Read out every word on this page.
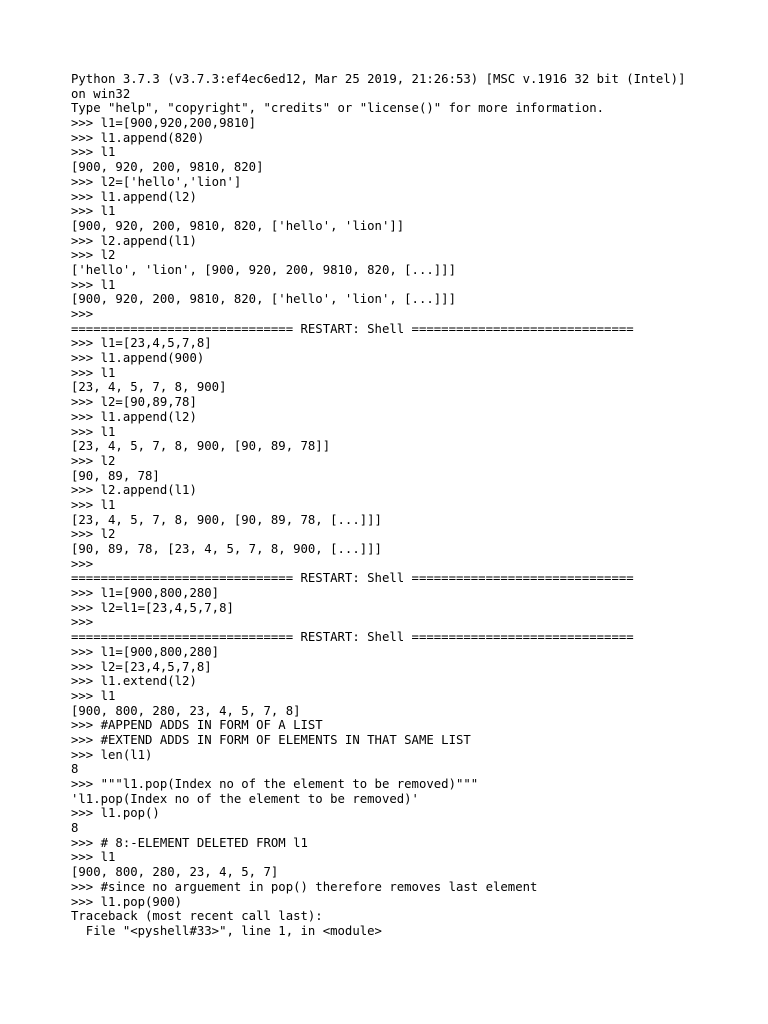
Python 3.7.3 (v3.7.3:ef4ec6ed12, Mar 25 2019, 21:26:53) [MSC v.1916 32 bit (Intel)]
on win32
Type "help", "copyright", "credits" or "license()" for more information.
>>> l1=[900,920,200,9810]
>>> l1.append(820)
>>> l1
[900, 920, 200, 9810, 820]
>>> l2=['hello','lion']
>>> l1.append(l2)
>>> l1
[900, 920, 200, 9810, 820, ['hello', 'lion']]
>>> l2.append(l1)
>>> l2
['hello', 'lion', [900, 920, 200, 9810, 820, [...]]]
>>> l1
[900, 920, 200, 9810, 820, ['hello', 'lion', [...]]]
>>>
============================== RESTART: Shell ==============================
>>> l1=[23,4,5,7,8]
>>> l1.append(900)
>>> l1
[23, 4, 5, 7, 8, 900]
>>> l2=[90,89,78]
>>> l1.append(l2)
>>> l1
[23, 4, 5, 7, 8, 900, [90, 89, 78]]
>>> l2
[90, 89, 78]
>>> l2.append(l1)
>>> l1
[23, 4, 5, 7, 8, 900, [90, 89, 78, [...]]]
>>> l2
[90, 89, 78, [23, 4, 5, 7, 8, 900, [...]]]
>>>
============================== RESTART: Shell ==============================
>>> l1=[900,800,280]
>>> l2=l1=[23,4,5,7,8]
>>>
============================== RESTART: Shell ==============================
>>> l1=[900,800,280]
>>> l2=[23,4,5,7,8]
>>> l1.extend(l2)
>>> l1
[900, 800, 280, 23, 4, 5, 7, 8]
>>> #APPEND ADDS IN FORM OF A LIST
>>> #EXTEND ADDS IN FORM OF ELEMENTS IN THAT SAME LIST
>>> len(l1)
8
>>> """l1.pop(Index no of the element to be removed)"""
'l1.pop(Index no of the element to be removed)'
>>> l1.pop()
8
>>> # 8:-ELEMENT DELETED FROM l1
>>> l1
[900, 800, 280, 23, 4, 5, 7]
>>> #since no arguement in pop() therefore removes last element
>>> l1.pop(900)
Traceback (most recent call last):
File "<pyshell#33>", line 1, in <module>
